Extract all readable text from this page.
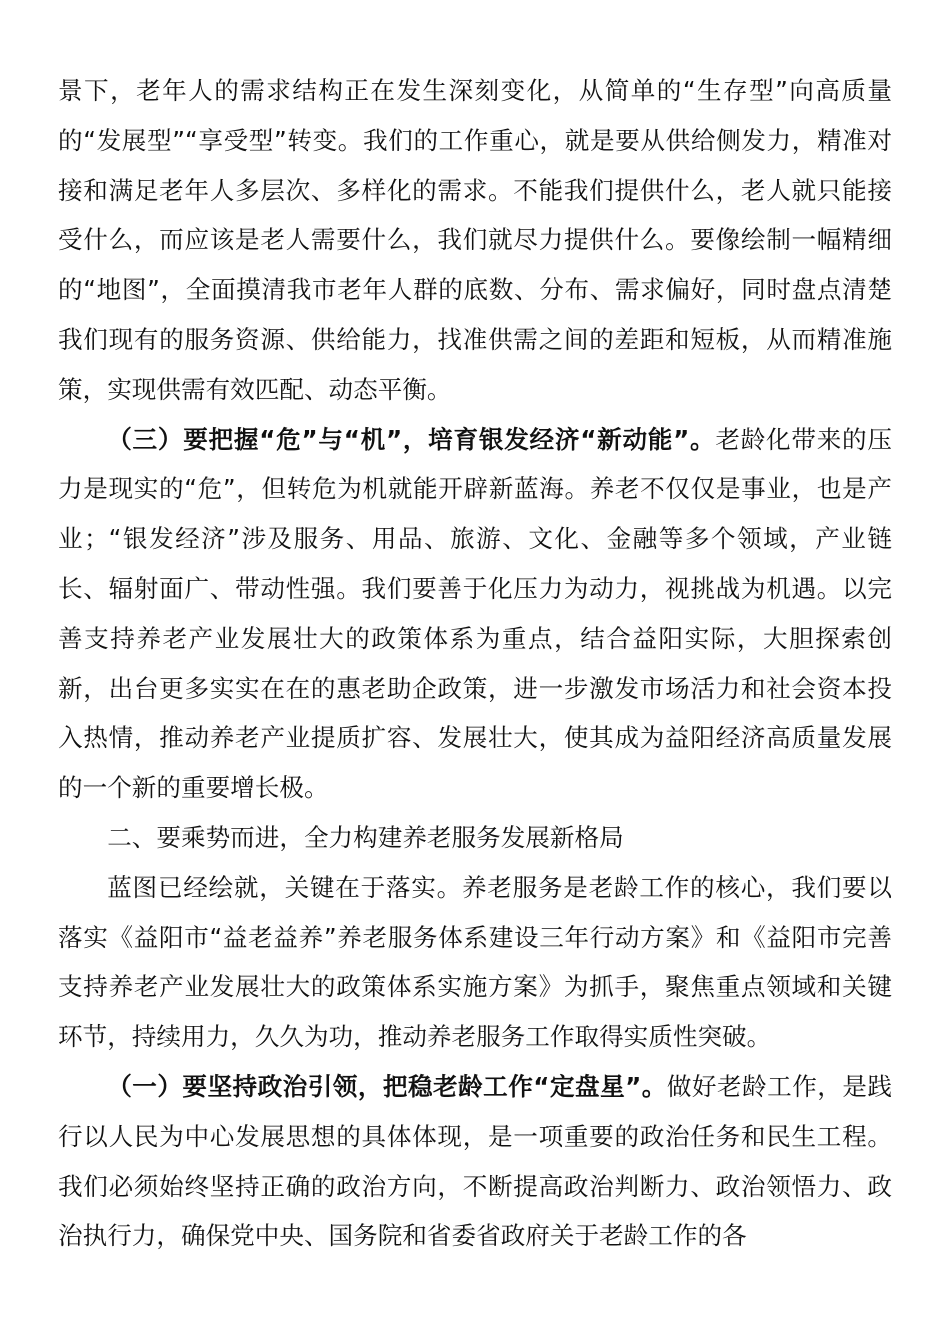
景下，老年人的需求结构正在发生深刻变化，从简单的“生存型”向高质量的“发展型”“享受型”转变。我们的工作重心，就是要从供给侧发力，精准对接和满足老年人多层次、多样化的需求。不能我们提供什么，老人就只能接受什么，而应该是老人需要什么，我们就尽力提供什么。要像绘制一幅精细的“地图”，全面摸清我市老年人群的底数、分布、需求偏好，同时盘点清楚我们现有的服务资源、供给能力，找准供需之间的差距和短板，从而精准施策，实现供需有效匹配、动态平衡。

（三）要把握“危”与“机”，培育银发经济“新动能”。老龄化带来的压力是现实的“危”，但转危为机就能开辟新蓝海。养老不仅仅是事业，也是产业；“银发经济”涉及服务、用品、旅游、文化、金融等多个领域，产业链长、辐射面广、带动性强。我们要善于化压力为动力，视挑战为机遇。以完善支持养老产业发展壮大的政策体系为重点，结合益阳实际，大胆探索创新，出台更多实实在在的惠老助企政策，进一步激发市场活力和社会资本投入热情，推动养老产业提质扩容、发展壮大，使其成为益阳经济高质量发展的一个新的重要增长极。

二、要乘势而进，全力构建养老服务发展新格局

蓝图已经绘就，关键在于落实。养老服务是老龄工作的核心，我们要以落实《益阳市“益老益养”养老服务体系建设三年行动方案》和《益阳市完善支持养老产业发展壮大的政策体系实施方案》为抓手，聚焦重点领域和关键环节，持续用力，久久为功，推动养老服务工作取得实质性突破。

（一）要坚持政治引领，把稳老龄工作“定盘星”。做好老龄工作，是践行以人民为中心发展思想的具体体现，是一项重要的政治任务和民生工程。我们必须始终坚持正确的政治方向，不断提高政治判断力、政治领悟力、政治执行力，确保党中央、国务院和省委省政府关于老龄工作的各
